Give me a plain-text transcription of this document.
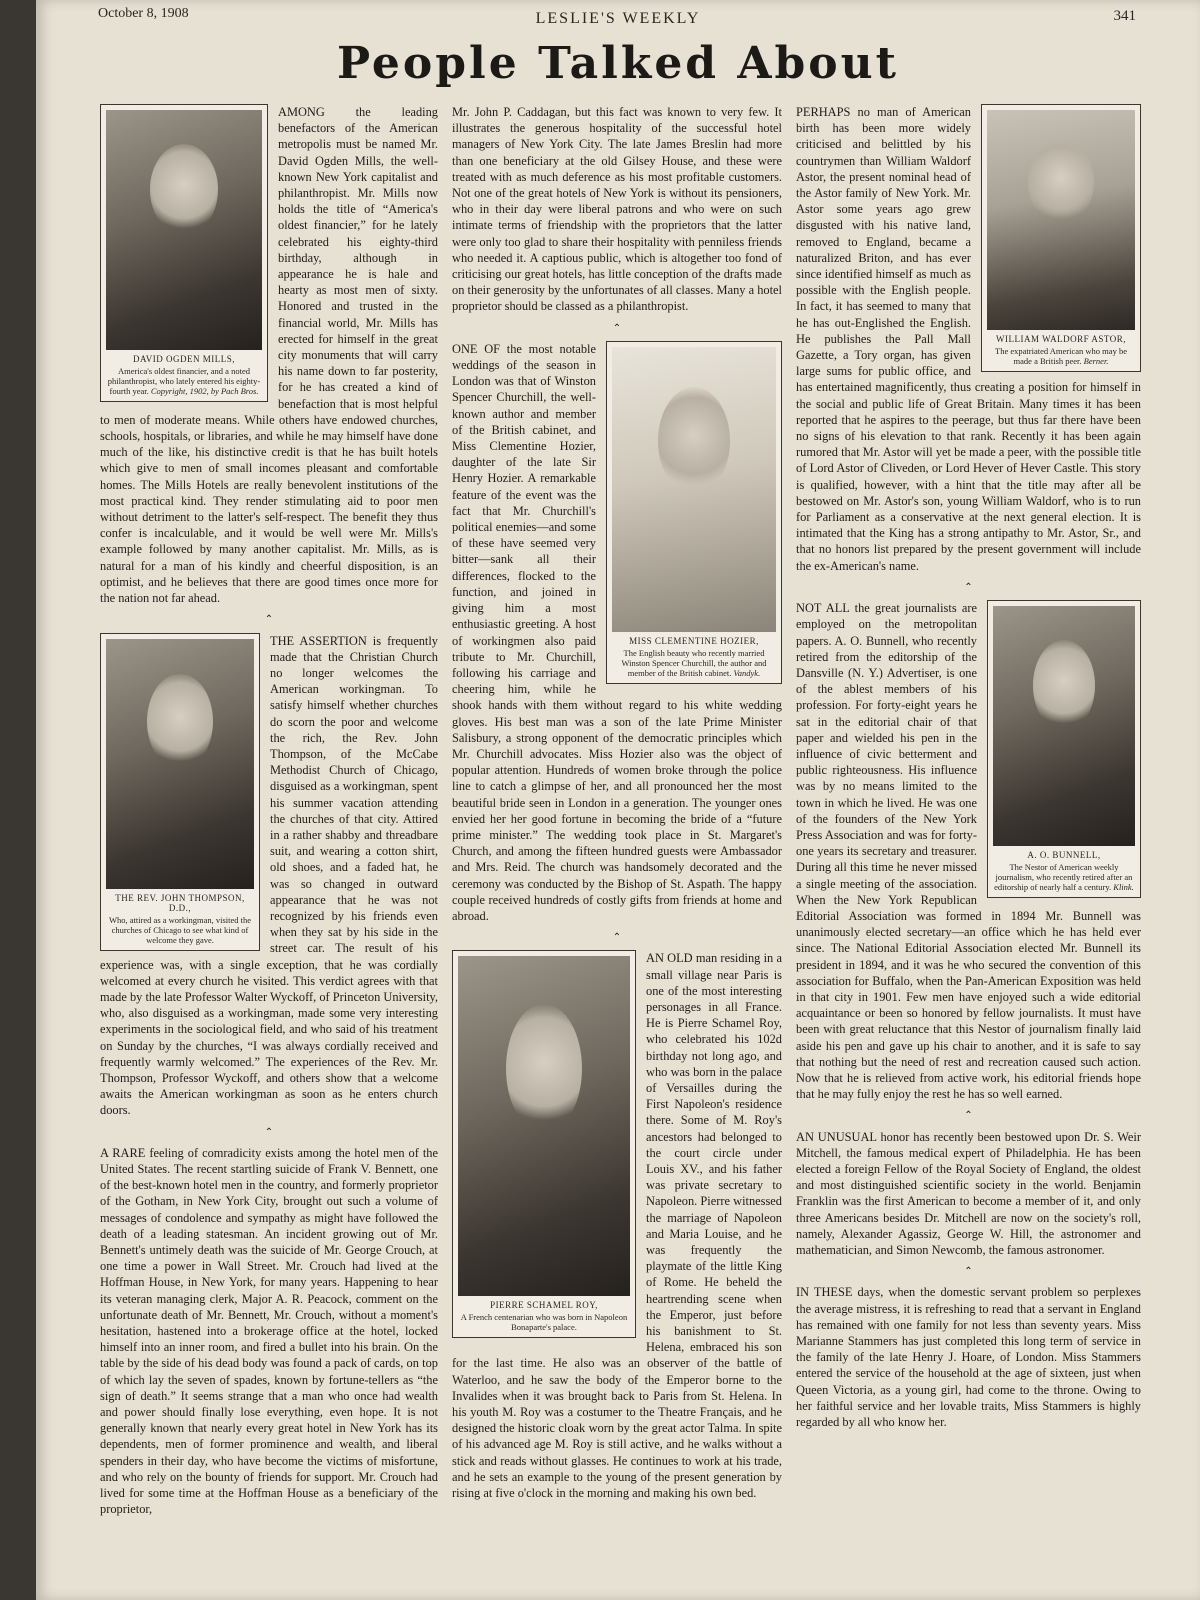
October 8, 1908	LESLIE'S WEEKLY	341
People Talked About
DAVID OGDEN MILLS,
America's oldest financier, and a noted philanthropist, who lately entered his eighty-fourth year. Copyright, 1902, by Pach Bros.

AMONG the leading benefactors of the American metropolis must be named Mr. David Ogden Mills, the well-known New York capitalist and philanthropist. Mr. Mills now holds the title of “America's oldest financier,” for he lately celebrated his eighty-third birthday, although in appearance he is hale and hearty as most men of sixty. Honored and trusted in the financial world, Mr. Mills has erected for himself in the great city monuments that will carry his name down to far posterity, for he has created a kind of benefaction that is most helpful to men of moderate means. While others have endowed churches, schools, hospitals, or libraries, and while he may himself have done much of the like, his distinctive credit is that he has built hotels which give to men of small incomes pleasant and comfortable homes. The Mills Hotels are really benevolent institutions of the most practical kind. They render stimulating aid to poor men without detriment to the latter's self-respect. The benefit they thus confer is incalculable, and it would be well were Mr. Mills's example followed by many another capitalist. Mr. Mills, as is natural for a man of his kindly and cheerful disposition, is an optimist, and he believes that there are good times once more for the nation not far ahead.

⌃
THE REV. JOHN THOMPSON, D.D.,
Who, attired as a workingman, visited the churches of Chicago to see what kind of welcome they gave.

THE ASSERTION is frequently made that the Christian Church no longer welcomes the American workingman. To satisfy himself whether churches do scorn the poor and welcome the rich, the Rev. John Thompson, of the McCabe Methodist Church of Chicago, disguised as a workingman, spent his summer vacation attending the churches of that city. Attired in a rather shabby and threadbare suit, and wearing a cotton shirt, old shoes, and a faded hat, he was so changed in outward appearance that he was not recognized by his friends even when they sat by his side in the street car. The result of his experience was, with a single exception, that he was cordially welcomed at every church he visited. This verdict agrees with that made by the late Professor Walter Wyckoff, of Princeton University, who, also disguised as a workingman, made some very interesting experiments in the sociological field, and who said of his treatment on Sunday by the churches, “I was always cordially received and frequently warmly welcomed.” The experiences of the Rev. Mr. Thompson, Professor Wyckoff, and others show that a welcome awaits the American workingman as soon as he enters church doors.

⌃

A RARE feeling of comradicity exists among the hotel men of the United States. The recent startling suicide of Frank V. Bennett, one of the best-known hotel men in the country, and formerly proprietor of the Gotham, in New York City, brought out such a volume of messages of condolence and sympathy as might have followed the death of a leading statesman. An incident growing out of Mr. Bennett's untimely death was the suicide of Mr. George Crouch, at one time a power in Wall Street. Mr. Crouch had lived at the Hoffman House, in New York, for many years. Happening to hear its veteran managing clerk, Major A. R. Peacock, comment on the unfortunate death of Mr. Bennett, Mr. Crouch, without a moment's hesitation, hastened into a brokerage office at the hotel, locked himself into an inner room, and fired a bullet into his brain. On the table by the side of his dead body was found a pack of cards, on top of which lay the seven of spades, known by fortune-tellers as “the sign of death.” It seems strange that a man who once had wealth and power should finally lose everything, even hope. It is not generally known that nearly every great hotel in New York has its dependents, men of former prominence and wealth, and liberal spenders in their day, who have become the victims of misfortune, and who rely on the bounty of friends for support. Mr. Crouch had lived for some time at the Hoffman House as a beneficiary of the proprietor,

Mr. John P. Caddagan, but this fact was known to very few. It illustrates the generous hospitality of the successful hotel managers of New York City. The late James Breslin had more than one beneficiary at the old Gilsey House, and these were treated with as much deference as his most profitable customers. Not one of the great hotels of New York is without its pensioners, who in their day were liberal patrons and who were on such intimate terms of friendship with the proprietors that the latter were only too glad to share their hospitality with penniless friends who needed it. A captious public, which is altogether too fond of criticising our great hotels, has little conception of the drafts made on their generosity by the unfortunates of all classes. Many a hotel proprietor should be classed as a philanthropist.

⌃
MISS CLEMENTINE HOZIER,
The English beauty who recently married Winston Spencer Churchill, the author and member of the British cabinet. Vandyk.

ONE OF the most notable weddings of the season in London was that of Winston Spencer Churchill, the well-known author and member of the British cabinet, and Miss Clementine Hozier, daughter of the late Sir Henry Hozier. A remarkable feature of the event was the fact that Mr. Churchill's political enemies—and some of these have seemed very bitter—sank all their differences, flocked to the function, and joined in giving him a most enthusiastic greeting. A host of workingmen also paid tribute to Mr. Churchill, following his carriage and cheering him, while he shook hands with them without regard to his white wedding gloves. His best man was a son of the late Prime Minister Salisbury, a strong opponent of the democratic principles which Mr. Churchill advocates. Miss Hozier also was the object of popular attention. Hundreds of women broke through the police line to catch a glimpse of her, and all pronounced her the most beautiful bride seen in London in a generation. The younger ones envied her her good fortune in becoming the bride of a “future prime minister.” The wedding took place in St. Margaret's Church, and among the fifteen hundred guests were Ambassador and Mrs. Reid. The church was handsomely decorated and the ceremony was conducted by the Bishop of St. Aspath. The happy couple received hundreds of costly gifts from friends at home and abroad.

⌃
PIERRE SCHAMEL ROY,
A French centenarian who was born in Napoleon Bonaparte's palace.

AN OLD man residing in a small village near Paris is one of the most interesting personages in all France. He is Pierre Schamel Roy, who celebrated his 102d birthday not long ago, and who was born in the palace of Versailles during the First Napoleon's residence there. Some of M. Roy's ancestors had belonged to the court circle under Louis XV., and his father was private secretary to Napoleon. Pierre witnessed the marriage of Napoleon and Maria Louise, and he was frequently the playmate of the little King of Rome. He beheld the heartrending scene when the Emperor, just before his banishment to St. Helena, embraced his son for the last time. He also was an observer of the battle of Waterloo, and he saw the body of the Emperor borne to the Invalides when it was brought back to Paris from St. Helena. In his youth M. Roy was a costumer to the Theatre Français, and he designed the historic cloak worn by the great actor Talma. In spite of his advanced age M. Roy is still active, and he walks without a stick and reads without glasses. He continues to work at his trade, and he sets an example to the young of the present generation by rising at five o'clock in the morning and making his own bed.

WILLIAM WALDORF ASTOR,
The expatriated American who may be made a British peer. Berner.

PERHAPS no man of American birth has been more widely criticised and belittled by his countrymen than William Waldorf Astor, the present nominal head of the Astor family of New York. Mr. Astor some years ago grew disgusted with his native land, removed to England, became a naturalized Briton, and has ever since identified himself as much as possible with the English people. In fact, it has seemed to many that he has out-Englished the English. He publishes the Pall Mall Gazette, a Tory organ, has given large sums for public office, and has entertained magnificently, thus creating a position for himself in the social and public life of Great Britain. Many times it has been reported that he aspires to the peerage, but thus far there have been no signs of his elevation to that rank. Recently it has been again rumored that Mr. Astor will yet be made a peer, with the possible title of Lord Astor of Cliveden, or Lord Hever of Hever Castle. This story is qualified, however, with a hint that the title may after all be bestowed on Mr. Astor's son, young William Waldorf, who is to run for Parliament as a conservative at the next general election. It is intimated that the King has a strong antipathy to Mr. Astor, Sr., and that no honors list prepared by the present government will include the ex-American's name.

⌃
A. O. BUNNELL,
The Nestor of American weekly journalism, who recently retired after an editorship of nearly half a century. Klink.

NOT ALL the great journalists are employed on the metropolitan papers. A. O. Bunnell, who recently retired from the editorship of the Dansville (N. Y.) Advertiser, is one of the ablest members of his profession. For forty-eight years he sat in the editorial chair of that paper and wielded his pen in the influence of civic betterment and public righteousness. His influence was by no means limited to the town in which he lived. He was one of the founders of the New York Press Association and was for forty-one years its secretary and treasurer. During all this time he never missed a single meeting of the association. When the New York Republican Editorial Association was formed in 1894 Mr. Bunnell was unanimously elected secretary—an office which he has held ever since. The National Editorial Association elected Mr. Bunnell its president in 1894, and it was he who secured the convention of this association for Buffalo, when the Pan-American Exposition was held in that city in 1901. Few men have enjoyed such a wide editorial acquaintance or been so honored by fellow journalists. It must have been with great reluctance that this Nestor of journalism finally laid aside his pen and gave up his chair to another, and it is safe to say that nothing but the need of rest and recreation caused such action. Now that he is relieved from active work, his editorial friends hope that he may fully enjoy the rest he has so well earned.

⌃

AN UNUSUAL honor has recently been bestowed upon Dr. S. Weir Mitchell, the famous medical expert of Philadelphia. He has been elected a foreign Fellow of the Royal Society of England, the oldest and most distinguished scientific society in the world. Benjamin Franklin was the first American to become a member of it, and only three Americans besides Dr. Mitchell are now on the society's roll, namely, Alexander Agassiz, George W. Hill, the astronomer and mathematician, and Simon Newcomb, the famous astronomer.

⌃

IN THESE days, when the domestic servant problem so perplexes the average mistress, it is refreshing to read that a servant in England has remained with one family for not less than seventy years. Miss Marianne Stammers has just completed this long term of service in the family of the late Henry J. Hoare, of London. Miss Stammers entered the service of the household at the age of sixteen, just when Queen Victoria, as a young girl, had come to the throne. Owing to her faithful service and her lovable traits, Miss Stammers is highly regarded by all who know her.
